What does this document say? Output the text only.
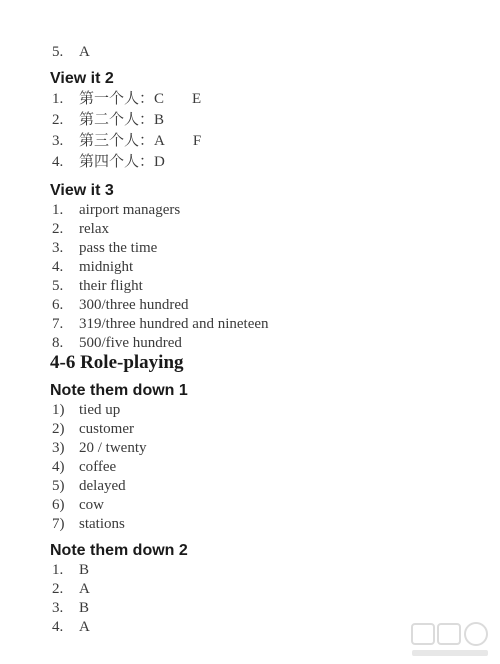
5. A
View it 2
1. 第一个人：C E
2. 第二个人：B
3. 第三个人：A F
4. 第四个人：D
View it 3
1. airport managers
2. relax
3. pass the time
4. midnight
5. their flight
6. 300/three hundred
7. 319/three hundred and nineteen
8. 500/five hundred
4-6 Role-playing
Note them down 1
1) tied up
2) customer
3) 20 / twenty
4) coffee
5) delayed
6) cow
7) stations
Note them down 2
1. B
2. A
3. B
4. A
